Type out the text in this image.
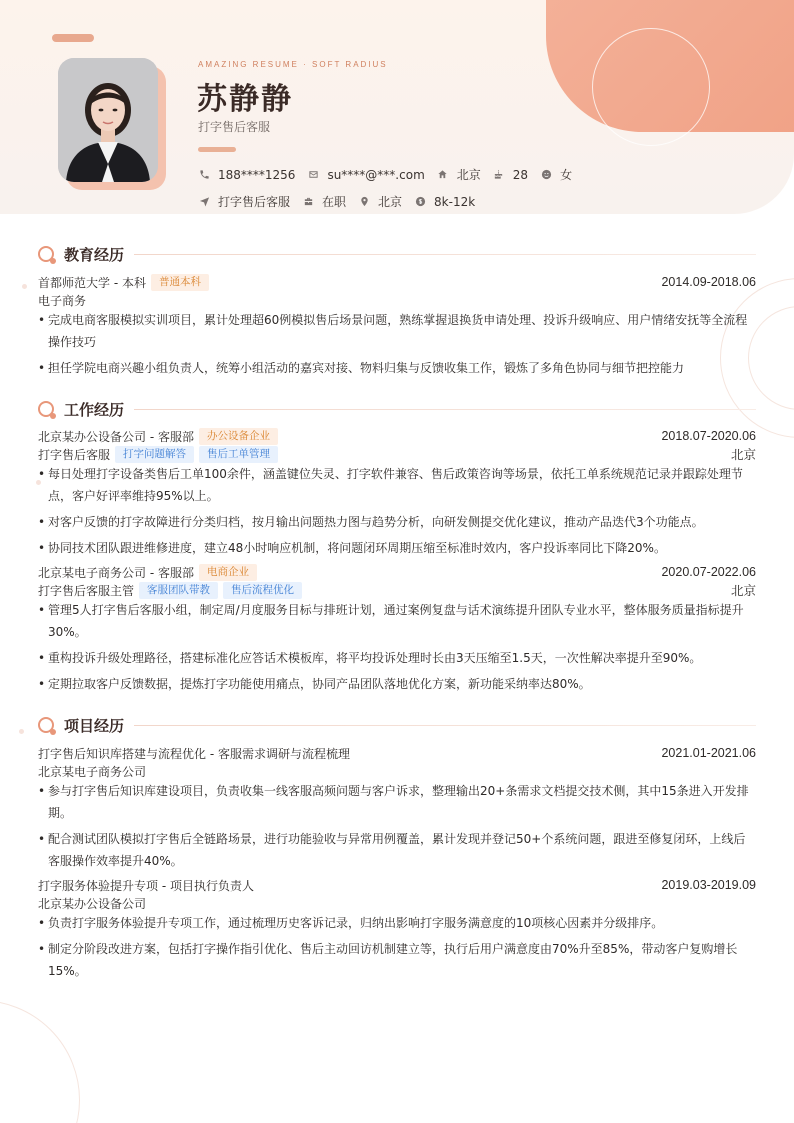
AMAZING RESUME · SOFT RADIUS
苏静静
打字售后客服
188****1256	su****@***.com	北京	28	女
打字售后客服	在职	北京	8k-12k
教育经历
首都师范大学 - 本科	普通本科	2014.09-2018.06
电子商务
• 完成电商客服模拟实训项目，累计处理超60例模拟售后场景问题，熟练掌握退换货申请处理、投诉升级响应、用户情绪安抚等全流程操作技巧
• 担任学院电商兴趣小组负责人，统筹小组活动的嘉宾对接、物料归集与反馈收集工作，锻炼了多角色协同与细节把控能力
工作经历
北京某办公设备公司 - 客服部	办公设备企业	2018.07-2020.06
打字售后客服	打字问题解答	售后工单管理	北京
• 每日处理打字设备类售后工单100余件，涵盖键位失灵、打字软件兼容、售后政策咨询等场景，依托工单系统规范记录并跟踪处理节点，客户好评率维持95%以上。
• 对客户反馈的打字故障进行分类归档，按月输出问题热力图与趋势分析，向研发侧提交优化建议，推动产品迭代3个功能点。
• 协同技术团队跟进维修进度，建立48小时响应机制，将问题闭环周期压缩至标准时效内，客户投诉率同比下降20%。
北京某电子商务公司 - 客服部	电商企业	2020.07-2022.06
打字售后客服主管	客服团队带教	售后流程优化	北京
• 管理5人打字售后客服小组，制定周/月度服务目标与排班计划，通过案例复盘与话术演练提升团队专业水平，整体服务质量指标提升30%。
• 重构投诉升级处理路径，搭建标准化应答话术模板库，将平均投诉处理时长由3天压缩至1.5天，一次性解决率提升至90%。
• 定期拉取客户反馈数据，提炼打字功能使用痛点，协同产品团队落地优化方案，新功能采纳率达80%。
项目经历
打字售后知识库搭建与流程优化 - 客服需求调研与流程梳理	2021.01-2021.06
北京某电子商务公司
• 参与打字售后知识库建设项目，负责收集一线客服高频问题与客户诉求，整理输出20+条需求文档提交技术侧，其中15条进入开发排期。
• 配合测试团队模拟打字售后全链路场景，进行功能验收与异常用例覆盖，累计发现并登记50+个系统问题，跟进至修复闭环，上线后客服操作效率提升40%。
打字服务体验提升专项 - 项目执行负责人	2019.03-2019.09
北京某办公设备公司
• 负责打字服务体验提升专项工作，通过梳理历史客诉记录，归纳出影响打字服务满意度的10项核心因素并分级排序。
• 制定分阶段改进方案，包括打字操作指引优化、售后主动回访机制建立等，执行后用户满意度由70%升至85%，带动客户复购增长15%。
